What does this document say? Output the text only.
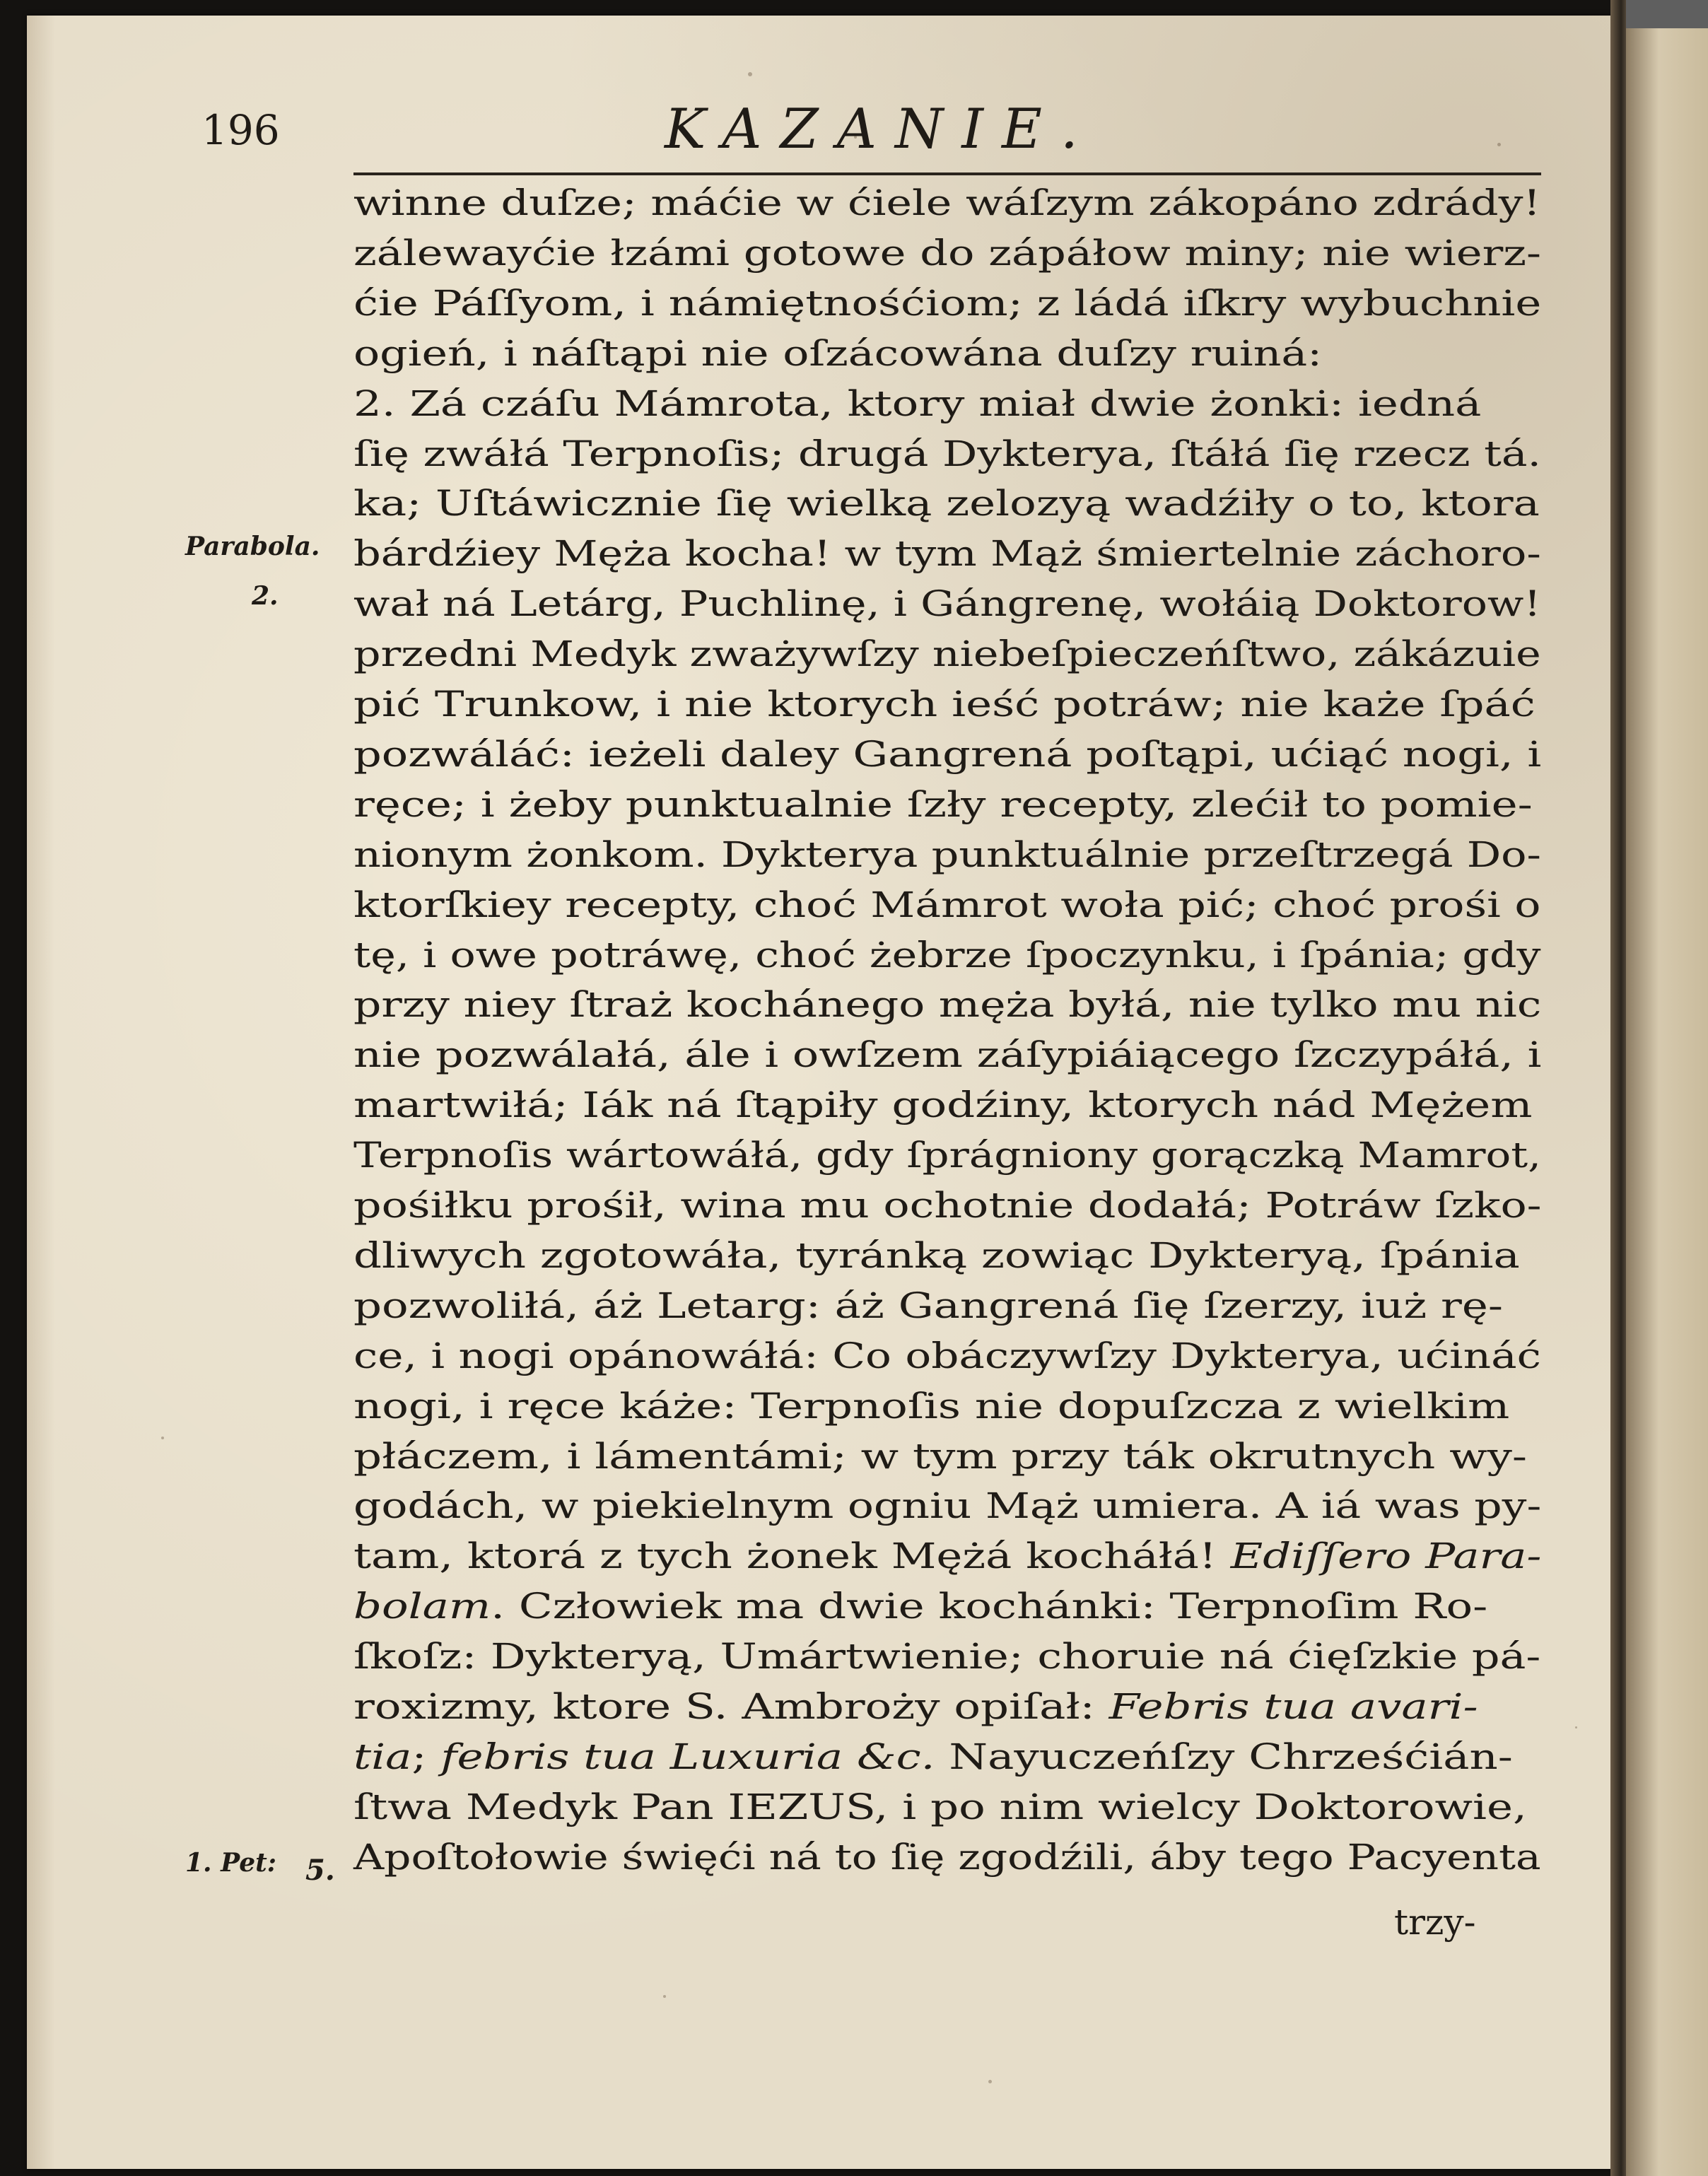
196	KAZANIE.
Parabola.
2.
1. Pet: 5.
winne duſze; máćie w ćiele wáſzym zákopáno zdrády!
zálewayćie łzámi gotowe do zápáłow miny; nie wierz-
ćie Páſſyom, i námiętnośćiom; z ládá iſkry wybuchnie
ogień, i náſtąpi nie oſzácowána duſzy ruiná:
2. Zá czáſu Mámrota, ktory miał dwie żonki: iedná
ſię zwáłá Terpnoſis; drugá Dykterya, ſtáłá ſię rzecz tá.
ka; Uſtáwicznie ſię wielką zelozyą wadźiły o to, ktora
bárdźiey Męża kocha! w tym Mąż śmiertelnie záchoro-
wał ná Letárg, Puchlinę, i Gángrenę, wołáią Doktorow!
przedni Medyk zważywſzy niebeſpieczeńſtwo, zákázuie
pić Trunkow, i nie ktorych ieść potráw; nie każe ſpáć
pozwáláć: ieżeli daley Gangrená poſtąpi, ućiąć nogi, i
ręce; i żeby punktualnie ſzły recepty, zlećił to pomie-
nionym żonkom. Dykterya punktuálnie przeſtrzegá Do-
ktorſkiey recepty, choć Mámrot woła pić; choć prośi o
tę, i owe potráwę, choć żebrze ſpoczynku, i ſpánia; gdy
przy niey ſtraż kochánego męża byłá, nie tylko mu nic
nie pozwálałá, ále i owſzem záſypiáiącego ſzczypáłá, i
martwiłá; Iák ná ſtąpiły godźiny, ktorych nád Mężem
Terpnoſis wártowáłá, gdy ſprágniony gorączką Mamrot,
pośiłku prośił, wina mu ochotnie dodałá; Potráw ſzko-
dliwych zgotowáła, tyránką zowiąc Dykteryą, ſpánia
pozwoliłá, áż Letarg: áż Gangrená ſię ſzerzy, iuż rę-
ce, i nogi opánowáłá: Co obáczywſzy Dykterya, ućináć
nogi, i ręce káże: Terpnoſis nie dopuſzcza z wielkim
płáczem, i lámentámi; w tym przy ták okrutnych wy-
godách, w piekielnym ogniu Mąż umiera. A iá was py-
tam, ktorá z tych żonek Mężá kocháłá! Ediſſero Para-
bolam. Człowiek ma dwie kochánki: Terpnoſim Ro-
ſkoſz: Dykteryą, Umártwienie; choruie ná ćięſzkie pá-
roxizmy, ktore S. Ambroży opiſał: Febris tua avari-
tia; febris tua Luxuria &c. Nayuczeńſzy Chrześćián-
ſtwa Medyk Pan IEZUS, i po nim wielcy Doktorowie,
Apoſtołowie święći ná to ſię zgodźili, áby tego Pacyenta
trzy-
